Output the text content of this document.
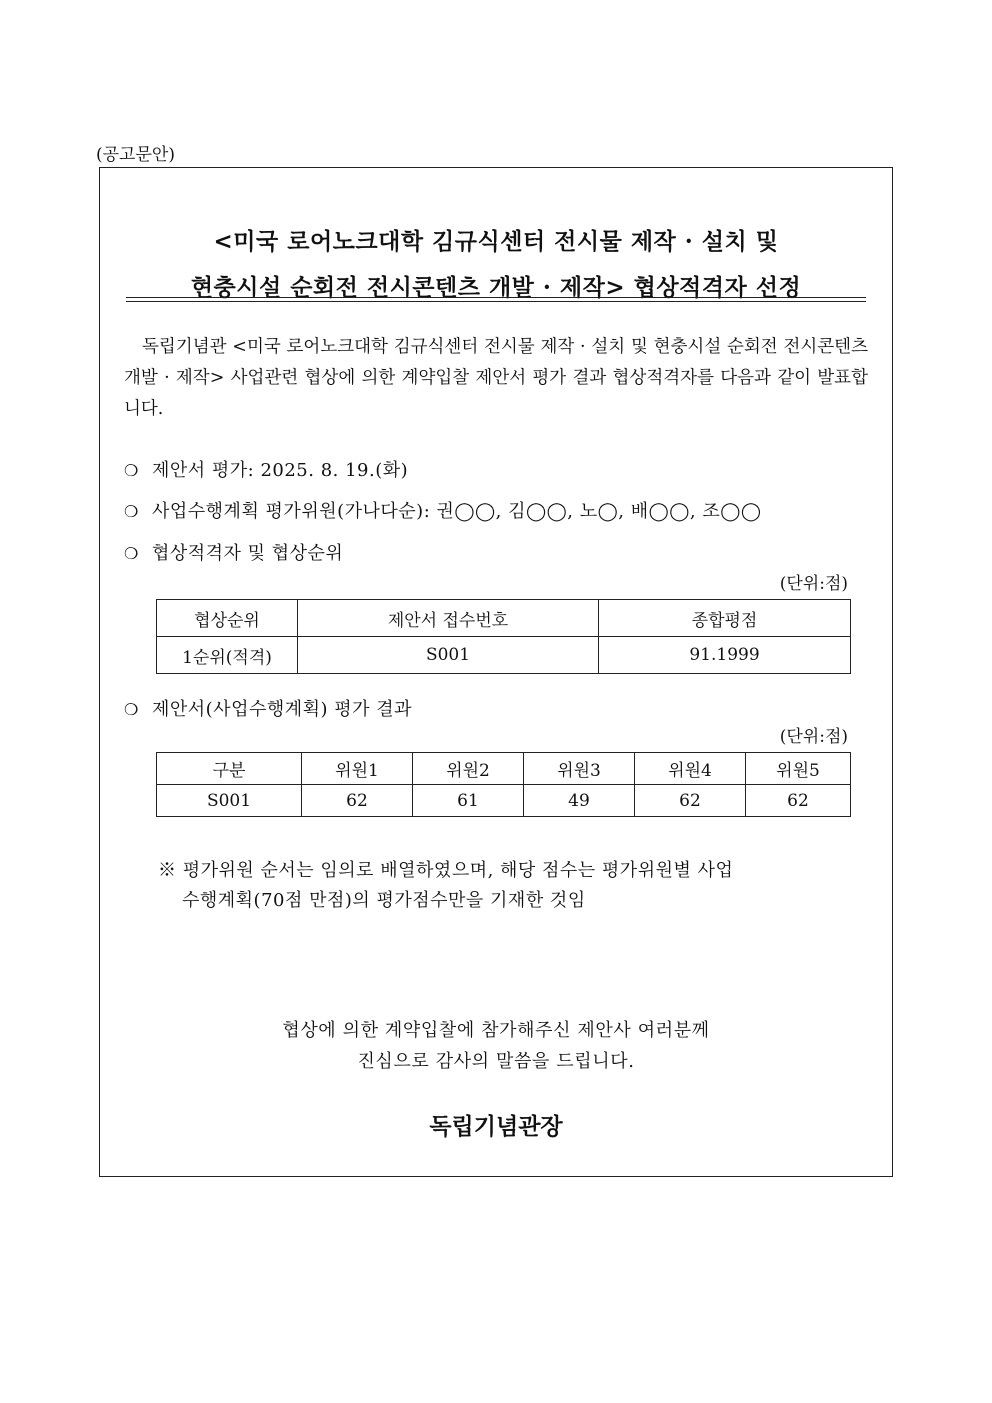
(공고문안)
<미국 로어노크대학 김규식센터 전시물 제작 · 설치 및
현충시설 순회전 전시콘텐츠 개발 · 제작> 협상적격자 선정
독립기념관 <미국 로어노크대학 김규식센터 전시물 제작 · 설치 및 현충시설 순회전 전시콘텐츠 개발 · 제작> 사업관련 협상에 의한 계약입찰 제안서 평가 결과 협상적격자를 다음과 같이 발표합니다.
❍ 제안서 평가: 2025. 8. 19.(화)
❍ 사업수행계획 평가위원(가나다순): 권◯◯, 김◯◯, 노◯, 배◯◯, 조◯◯
❍ 협상적격자 및 협상순위
(단위:점)
협상순위	제안서 접수번호	종합평점
1순위(적격)	S001	91.1999
❍ 제안서(사업수행계획) 평가 결과
(단위:점)
구분	위원1	위원2	위원3	위원4	위원5
S001	62	61	49	62	62
※ 평가위원 순서는 임의로 배열하였으며, 해당 점수는 평가위원별 사업
수행계획(70점 만점)의 평가점수만을 기재한 것임
협상에 의한 계약입찰에 참가해주신 제안사 여러분께
진심으로 감사의 말씀을 드립니다.
독립기념관장
